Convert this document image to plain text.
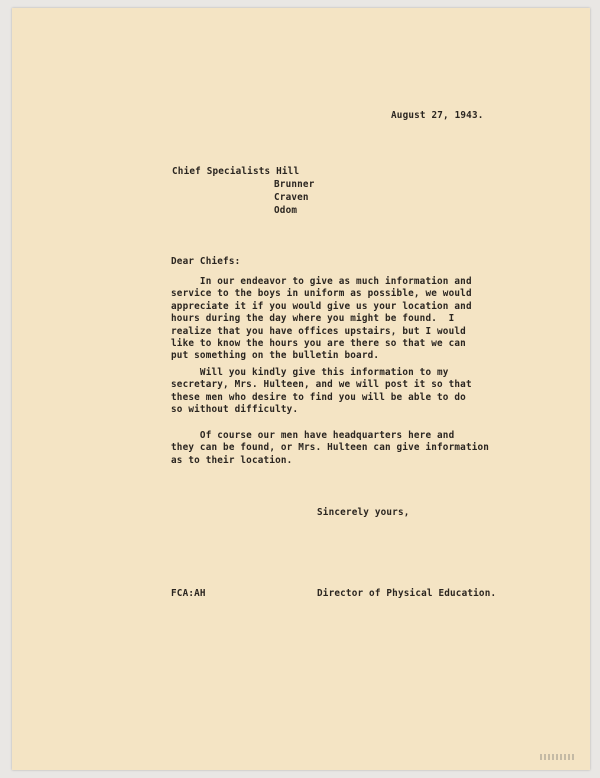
August 27, 1943.
Chief Specialists Hill
Brunner
Craven
Odom
Dear Chiefs:
In our endeavor to give as much information and
service to the boys in uniform as possible, we would
appreciate it if you would give us your location and
hours during the day where you might be found.  I
realize that you have offices upstairs, but I would
like to know the hours you are there so that we can
put something on the bulletin board.
Will you kindly give this information to my
secretary, Mrs. Hulteen, and we will post it so that
these men who desire to find you will be able to do
so without difficulty.
Of course our men have headquarters here and
they can be found, or Mrs. Hulteen can give information
as to their location.
Sincerely yours,
FCA:AH	Director of Physical Education.
